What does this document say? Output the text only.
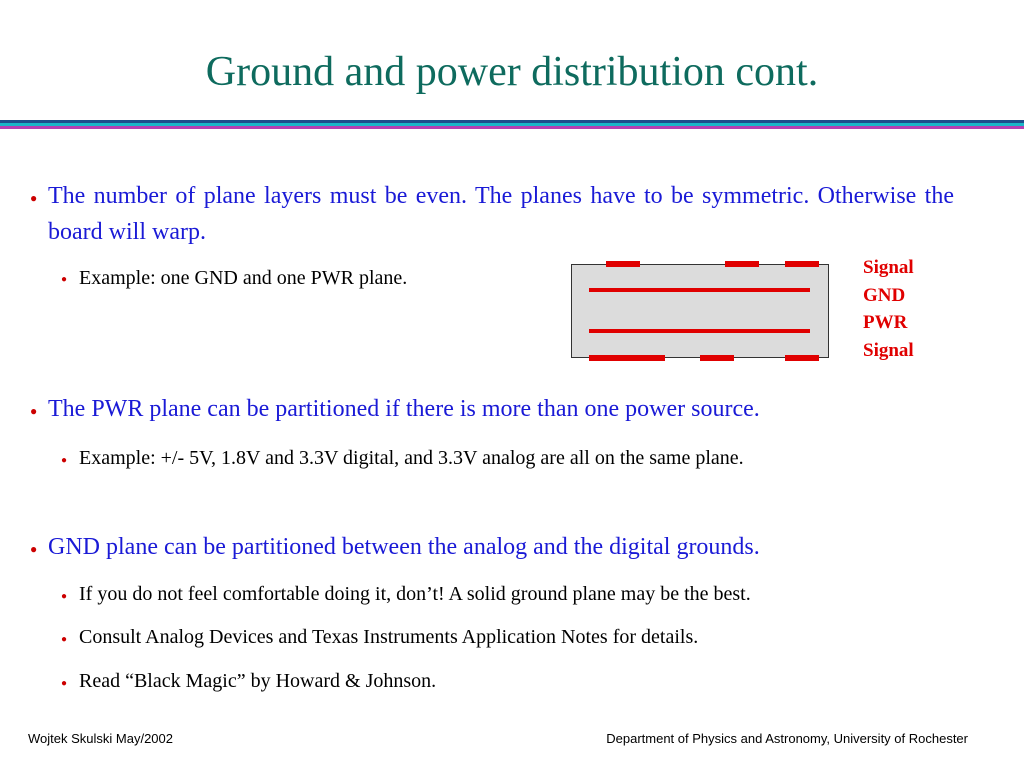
Ground and power distribution cont.
● The number of plane layers must be even. The planes have to be symmetric. Otherwise the board will warp.
● Example: one GND and one PWR plane.	Signal
GND
PWR
Signal
● The PWR plane can be partitioned if there is more than one power source.
● Example: +/- 5V, 1.8V and 3.3V digital, and 3.3V analog are all on the same plane.
● GND plane can be partitioned between the analog and the digital grounds.
● If you do not feel comfortable doing it, don’t! A solid ground plane may be the best.
● Consult Analog Devices and Texas Instruments Application Notes for details.
● Read “Black Magic” by Howard & Johnson.
Wojtek Skulski May/2002	Department of Physics and Astronomy, University of Rochester
